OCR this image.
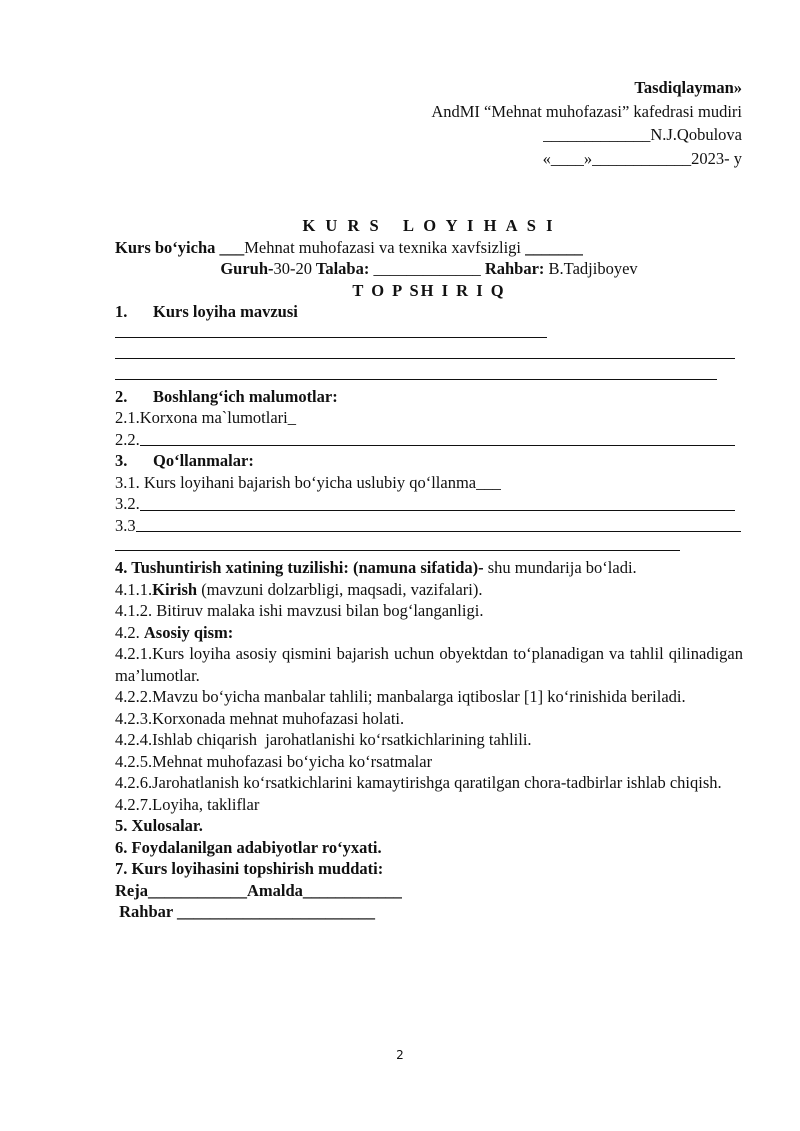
Tasdiqlayman»
AndMI “Mehnat muhofazasi” kafedrasi mudiri
_____________N.J.Qobulova
«____»____________2023- y
K U R S   L O Y I H A S I
Kurs bo‘yicha ___Mehnat muhofazasi va texnika xavfsizligi _______
Guruh-30-20 Talaba: _____________ Rahbar: B.Tadjiboyev
T O P SH I R I Q
1.	Kurs loyiha mavzusi
2.	Boshlang‘ich malumotlar:
2.1.Korxona ma`lumotlari_
2.2.
3.	Qo‘llanmalar:
3.1. Kurs loyihani bajarish bo‘yicha uslubiy qo‘llanma___
3.2.
3.3
4. Tushuntirish xatining tuzilishi: (namuna sifatida)- shu mundarija bo‘ladi.
4.1.1.Kirish (mavzuni dolzarbligi, maqsadi, vazifalari).
4.1.2. Bitiruv malaka ishi mavzusi bilan bog‘langanligi.
4.2. Asosiy qism:
4.2.1.Kurs loyiha asosiy qismini bajarish uchun obyektdan to‘planadigan va tahlil qilinadigan ma’lumotlar.
4.2.2.Mavzu bo‘yicha manbalar tahlili; manbalarga iqtiboslar [1] ko‘rinishida beriladi.
4.2.3.Korxonada mehnat muhofazasi holati.
4.2.4.Ishlab chiqarish  jarohatlanishi ko‘rsatkichlarining tahlili.
4.2.5.Mehnat muhofazasi bo‘yicha ko‘rsatmalar
4.2.6.Jarohatlanish ko‘rsatkichlarini kamaytirishga qaratilgan chora-tadbirlar ishlab chiqish.
4.2.7.Loyiha, takliflar
5. Xulosalar.
6. Foydalanilgan adabiyotlar ro‘yxati.
7. Kurs loyihasini topshirish muddati:
Reja____________Amalda____________
Rahbar ________________________
2
